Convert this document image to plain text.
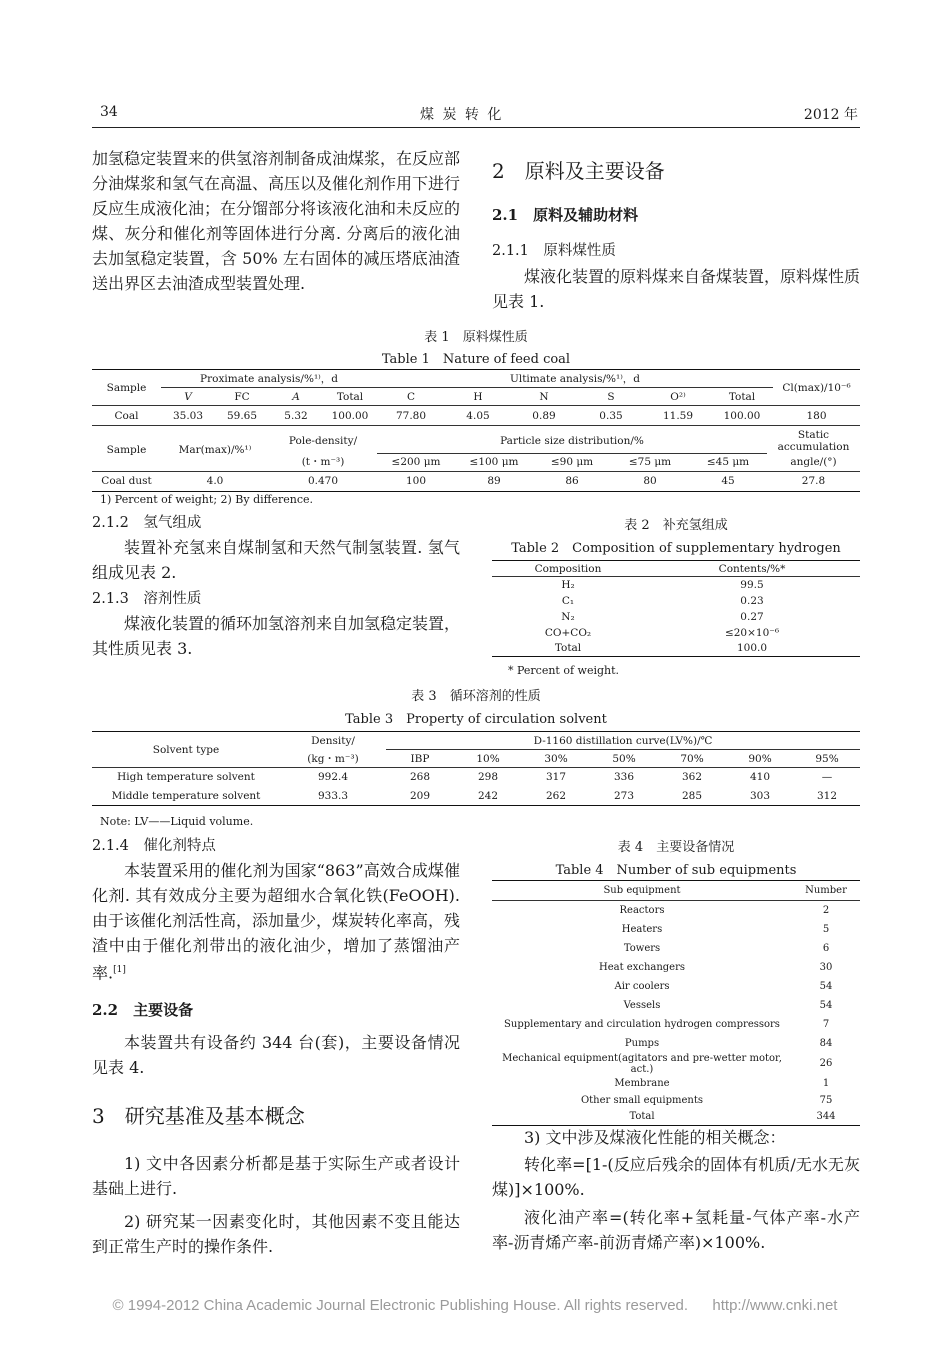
34	煤 炭 转 化	2012 年

加氢稳定装置来的供氢溶剂制备成油煤浆，在反应部分油煤浆和氢气在高温、高压以及催化剂作用下进行反应生成液化油；在分馏部分将该液化油和未反应的煤、灰分和催化剂等固体进行分离. 分离后的液化油去加氢稳定装置，含 50% 左右固体的减压塔底油渣送出界区去油渣成型装置处理.

2　原料及主要设备
2.1　原料及辅助材料
2.1.1　原料煤性质

煤液化装置的原料煤来自备煤装置，原料煤性质见表 1.

表 1　原料煤性质
Table 1　Nature of feed coal
Sample	Proximate analysis/%¹⁾，d				Ultimate analysis/%¹⁾，d						Cl(max)/10⁻⁶
	V	FC	A	Total	C	H	N	S	O²⁾	Total	
Coal	35.03	59.65	5.32	100.00	77.80	4.05	0.89	0.35	11.59	100.00	180
Sample	Mar(max)/%¹⁾	Pole-density/	Particle size distribution/%					Static accumulation
		(t・m⁻³)	≤200 μm	≤100 μm	≤90 μm	≤75 μm	≤45 μm	angle/(°)
Coal dust	4.0	0.470	100	89	86	80	45	27.8
1) Percent of weight; 2) By difference.
2.1.2　氢气组成

装置补充氢来自煤制氢和天然气制氢装置. 氢气组成见表 2.

2.1.3　溶剂性质

煤液化装置的循环加氢溶剂来自加氢稳定装置，其性质见表 3.

表 2　补充氢组成
Table 2　Composition of supplementary hydrogen
Composition	Contents/%*
H₂	99.5
C₁	0.23
N₂	0.27
CO+CO₂	≤20×10⁻⁶
Total	100.0
* Percent of weight.
表 3　循环溶剂的性质
Table 3　Property of circulation solvent
Solvent type	Density/	D-1160 distillation curve(LV%)/℃						
	(kg・m⁻³)	IBP	10%	30%	50%	70%	90%	95%
High temperature solvent	992.4	268	298	317	336	362	410	—
Middle temperature solvent	933.3	209	242	262	273	285	303	312
Note: LV——Liquid volume.
2.1.4　催化剂特点

本装置采用的催化剂为国家“863”高效合成煤催化剂. 其有效成分主要为超细水合氧化铁(FeOOH). 由于该催化剂活性高，添加量少，煤炭转化率高，残渣中由于催化剂带出的液化油少，增加了蒸馏油产率.[1]

2.2　主要设备

本装置共有设备约 344 台(套)，主要设备情况见表 4.

3　研究基准及基本概念

1) 文中各因素分析都是基于实际生产或者设计基础上进行.

2) 研究某一因素变化时，其他因素不变且能达到正常生产时的操作条件.

表 4　主要设备情况
Table 4　Number of sub equipments
Sub equipment	Number
Reactors	2
Heaters	5
Towers	6
Heat exchangers	30
Air coolers	54
Vessels	54
Supplementary and circulation hydrogen compressors	7
Pumps	84
Mechanical equipment(agitators and pre-wetter motor, act.)	26
Membrane	1
Other small equipments	75
Total	344

3) 文中涉及煤液化性能的相关概念：

转化率=[1-(反应后残余的固体有机质/无水无灰煤)]×100%.

液化油产率=(转化率+氢耗量-气体产率-水产率-沥青烯产率-前沥青烯产率)×100%.

© 1994-2012 China Academic Journal Electronic Publishing House. All rights reserved. http://www.cnki.net
